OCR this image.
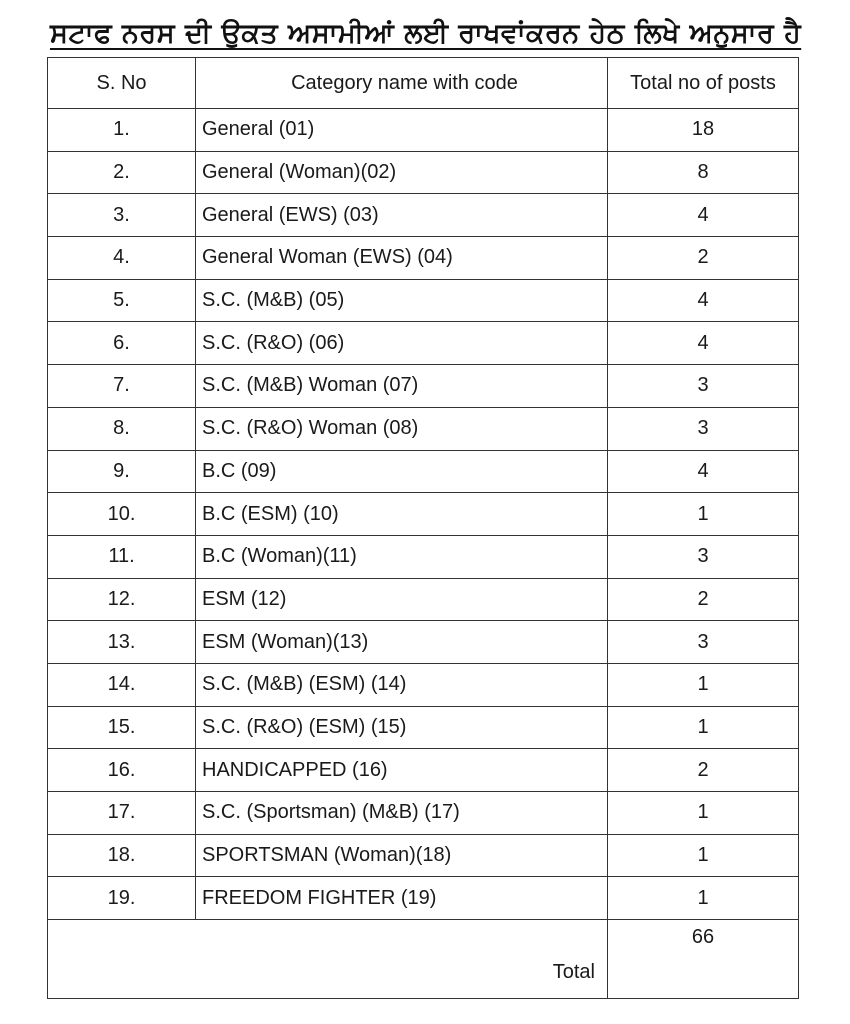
ਸਟਾਫ ਨਰਸ ਦੀ ਉਕਤ ਅਸਾਮੀਆਂ ਲਈ ਰਾਖਵਾਂਕਰਨ ਹੇਠ ਲਿਖੇ ਅਨੁਸਾਰ ਹੈ
S. No	Category name with code	Total no of posts
1.	General (01)	18
2.	General (Woman)(02)	8
3.	General (EWS) (03)	4
4.	General Woman (EWS) (04)	2
5.	S.C. (M&B) (05)	4
6.	S.C. (R&O) (06)	4
7.	S.C. (M&B) Woman (07)	3
8.	S.C. (R&O) Woman (08)	3
9.	B.C (09)	4
10.	B.C (ESM) (10)	1
11.	B.C (Woman)(11)	3
12.	ESM (12)	2
13.	ESM (Woman)(13)	3
14.	S.C. (M&B) (ESM) (14)	1
15.	S.C. (R&O) (ESM) (15)	1
16.	HANDICAPPED (16)	2
17.	S.C. (Sportsman) (M&B) (17)	1
18.	SPORTSMAN (Woman)(18)	1
19.	FREEDOM FIGHTER (19)	1
Total		66
